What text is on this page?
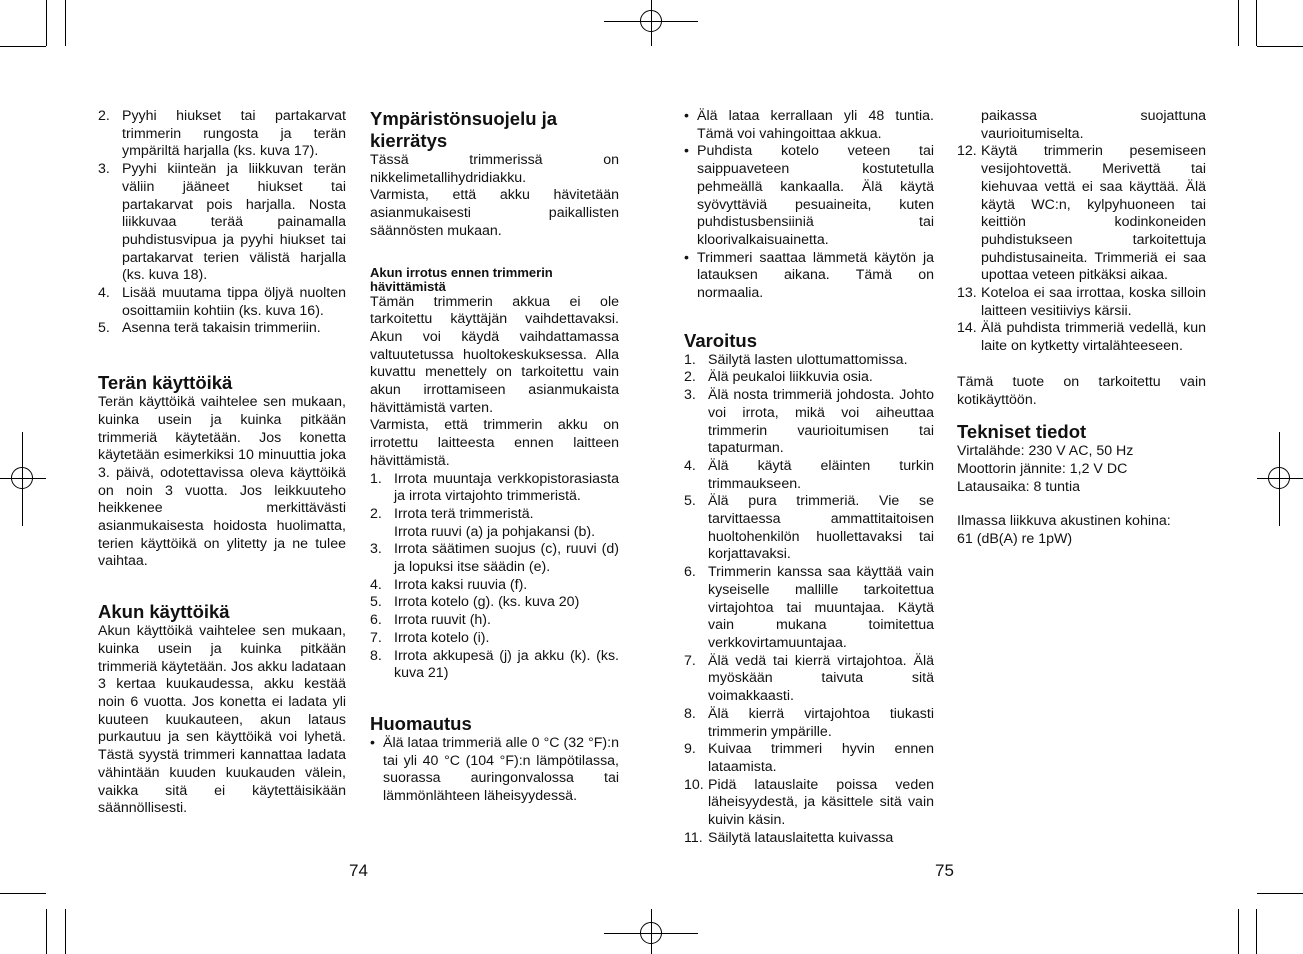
2. Pyyhi hiukset tai partakarvat trimmerin rungosta ja terän ympäriltä harjalla (ks. kuva 17).
3. Pyyhi kiinteän ja liikkuvan terän väliin jääneet hiukset tai partakarvat pois harjalla. Nosta liikkuvaa terää painamalla puhdistusvipua ja pyyhi hiukset tai partakarvat terien välistä harjalla (ks. kuva 18).
4. Lisää muutama tippa öljyä nuolten osoittamiin kohtiin (ks. kuva 16).
5. Asenna terä takaisin trimmeriin.
Terän käyttöikä

Terän käyttöikä vaihtelee sen mukaan, kuinka usein ja kuinka pitkään trimmeriä käytetään. Jos konetta käytetään esimerkiksi 10 minuuttia joka 3. päivä, odotettavissa oleva käyttöikä on noin 3 vuotta. Jos leikkuuteho heikkenee merkittävästi asianmukaisesta hoidosta huolimatta, terien käyttöikä on ylitetty ja ne tulee vaihtaa.

Akun käyttöikä

Akun käyttöikä vaihtelee sen mukaan, kuinka usein ja kuinka pitkään trimmeriä käytetään. Jos akku ladataan 3 kertaa kuukaudessa, akku kestää noin 6 vuotta. Jos konetta ei ladata yli kuuteen kuukauteen, akun lataus purkautuu ja sen käyttöikä voi lyhetä. Tästä syystä trimmeri kannattaa ladata vähintään kuuden kuukauden välein, vaikka sitä ei käytettäisikään säännöllisesti.

Ympäristönsuojelu ja kierrätys

Tässä trimmerissä on nikkelimetallihydridiakku.

Varmista, että akku hävitetään asianmukaisesti paikallisten säännösten mukaan.

Akun irrotus ennen trimmerin hävittämistä

Tämän trimmerin akkua ei ole tarkoitettu käyttäjän vaihdettavaksi. Akun voi käydä vaihdattamassa valtuutetussa huoltokeskuksessa. Alla kuvattu menettely on tarkoitettu vain akun irrottamiseen asianmukaista hävittämistä varten.

Varmista, että trimmerin akku on irrotettu laitteesta ennen laitteen hävittämistä.

1. Irrota muuntaja verkkopistorasiasta ja irrota virtajohto trimmeristä.
2. Irrota terä trimmeristä.
Irrota ruuvi (a) ja pohjakansi (b).
3. Irrota säätimen suojus (c), ruuvi (d) ja lopuksi itse säädin (e).
4. Irrota kaksi ruuvia (f).
5. Irrota kotelo (g). (ks. kuva 20)
6. Irrota ruuvit (h).
7. Irrota kotelo (i).
8. Irrota akkupesä (j) ja akku (k). (ks. kuva 21)
Huomautus
• Älä lataa trimmeriä alle 0 °C (32 °F):n tai yli 40 °C (104 °F):n lämpötilassa, suorassa auringonvalossa tai lämmönlähteen läheisyydessä.
• Älä lataa kerrallaan yli 48 tuntia. Tämä voi vahingoittaa akkua.
• Puhdista kotelo veteen tai saippuaveteen kostutetulla pehmeällä kankaalla. Älä käytä syövyttäviä pesuaineita, kuten puhdistusbensiiniä tai kloorivalkaisuainetta.
• Trimmeri saattaa lämmetä käytön ja latauksen aikana. Tämä on normaalia.
Varoitus
1. Säilytä lasten ulottumattomissa.
2. Älä peukaloi liikkuvia osia.
3. Älä nosta trimmeriä johdosta. Johto voi irrota, mikä voi aiheuttaa trimmerin vaurioitumisen tai tapaturman.
4. Älä käytä eläinten turkin trimmaukseen.
5. Älä pura trimmeriä. Vie se tarvittaessa ammattitaitoisen huoltohenkilön huollettavaksi tai korjattavaksi.
6. Trimmerin kanssa saa käyttää vain kyseiselle mallille tarkoitettua virtajohtoa tai muuntajaa. Käytä vain mukana toimitettua verkkovirtamuuntajaa.
7. Älä vedä tai kierrä virtajohtoa. Älä myöskään taivuta sitä voimakkaasti.
8. Älä kierrä virtajohtoa tiukasti trimmerin ympärille.
9. Kuivaa trimmeri hyvin ennen lataamista.
10. Pidä latauslaite poissa veden läheisyydestä, ja käsittele sitä vain kuivin käsin.
11. Säilytä latauslaitetta kuivassa
paikassa suojattuna vaurioitumiselta.
12. Käytä trimmerin pesemiseen vesijohtovettä. Merivettä tai kiehuvaa vettä ei saa käyttää. Älä käytä WC:n, kylpyhuoneen tai keittiön kodinkoneiden puhdistukseen tarkoitettuja puhdistusaineita. Trimmeriä ei saa upottaa veteen pitkäksi aikaa.
13. Koteloa ei saa irrottaa, koska silloin laitteen vesitiiviys kärsii.
14. Älä puhdista trimmeriä vedellä, kun laite on kytketty virtalähteeseen.

Tämä tuote on tarkoitettu vain kotikäyttöön.

Tekniset tiedot
Virtalähde: 230 V AC, 50 Hz
Moottorin jännite: 1,2 V DC
Latausaika: 8 tuntia
Ilmassa liikkuva akustinen kohina:
61 (dB(A) re 1pW)
74	75
